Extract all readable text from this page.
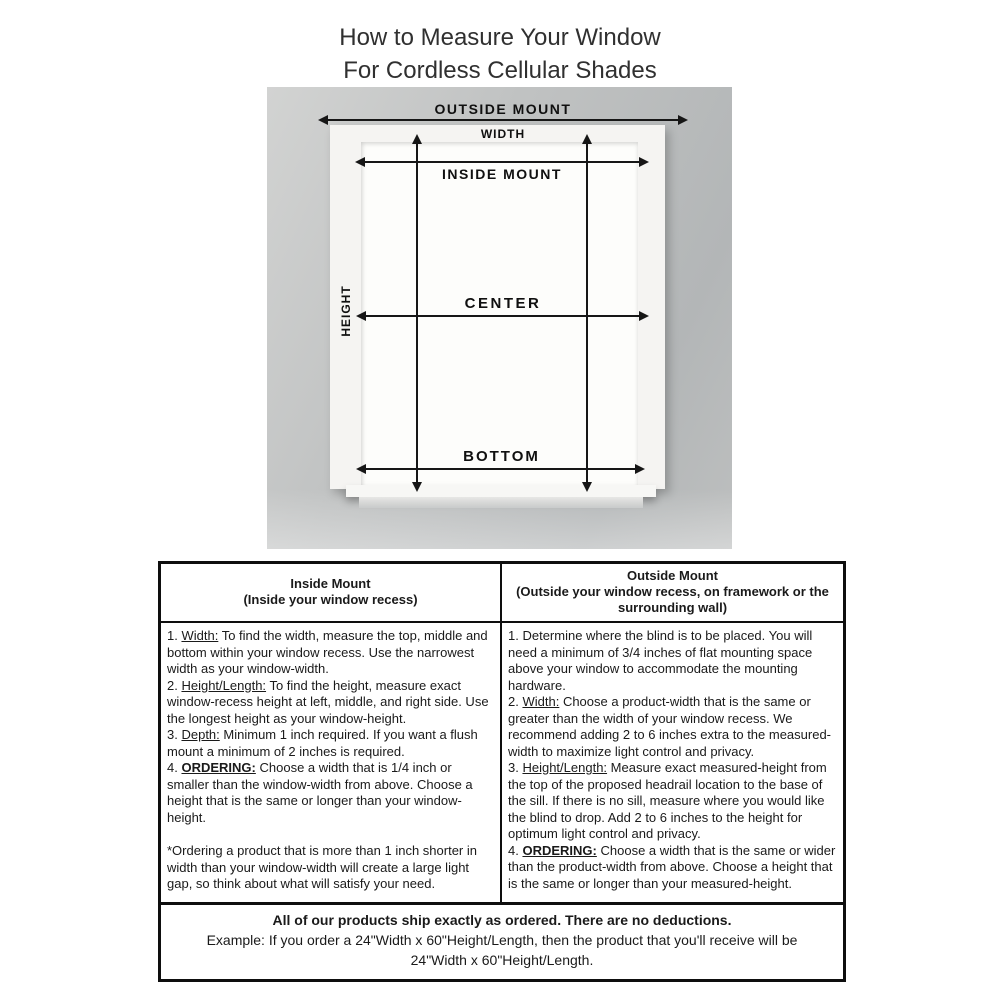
How to Measure Your Window
For Cordless Cellular Shades
OUTSIDE MOUNT
WIDTH
INSIDE MOUNT
HEIGHT	CENTER
BOTTOM
Inside Mount
(Inside your window recess)
Outside Mount
(Outside your window recess, on framework or the surrounding wall)

1. Width: To find the width, measure the top, middle and bottom within your window recess. Use the narrowest width as your window-width.

2. Height/Length: To find the height, measure exact window-recess height at left, middle, and right side. Use the longest height as your window-height.

3. Depth: Minimum 1 inch required. If you want a flush mount a minimum of 2 inches is required.

4. ORDERING: Choose a width that is 1/4 inch or smaller than the window-width from above. Choose a height that is the same or longer than your window-height.

*Ordering a product that is more than 1 inch shorter in width than your window-width will create a large light gap, so think about what will satisfy your need.

1. Determine where the blind is to be placed. You will need a minimum of 3/4 inches of flat mounting space above your window to accommodate the mounting hardware.

2. Width: Choose a product-width that is the same or greater than the width of your window recess. We recommend adding 2 to 6 inches extra to the measured-width to maximize light control and privacy.

3. Height/Length: Measure exact measured-height from the top of the proposed headrail location to the base of the sill. If there is no sill, measure where you would like the blind to drop. Add 2 to 6 inches to the height for optimum light control and privacy.

4. ORDERING: Choose a width that is the same or wider than the product-width from above. Choose a height that is the same or longer than your measured-height.

All of our products ship exactly as ordered. There are no deductions.
Example: If you order a 24"Width x 60"Height/Length, then the product that you'll receive will be
24"Width x 60"Height/Length.
